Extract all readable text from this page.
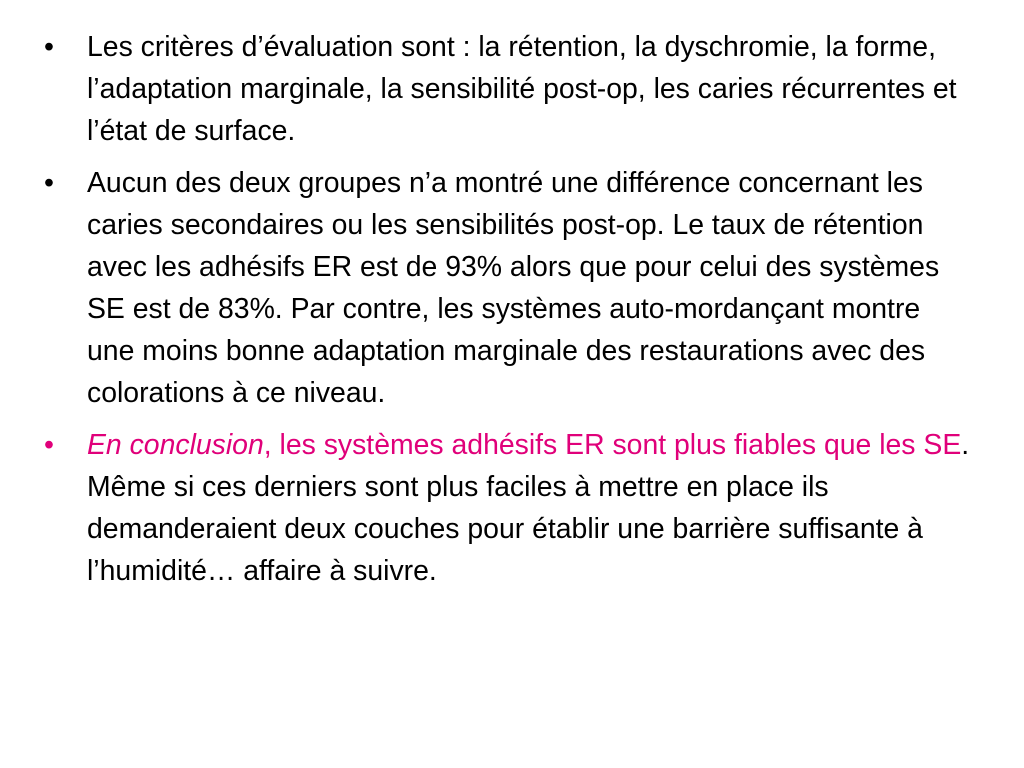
•	Les critères d’évaluation sont : la rétention, la dyschromie, la forme, l’adaptation marginale, la sensibilité post-op, les caries récurrentes et l’état de surface.
•	Aucun des deux groupes n’a montré une différence concernant les caries secondaires ou les sensibilités post-op. Le taux de rétention avec les adhésifs ER est de 93% alors que pour celui des systèmes SE est de 83%. Par contre, les systèmes auto-mordançant montre une moins bonne adaptation marginale des restaurations avec des colorations à ce niveau.
•	En conclusion, les systèmes adhésifs ER sont plus fiables que les SE. Même si ces derniers sont plus faciles à mettre en place ils demanderaient deux couches pour établir une barrière suffisante à l’humidité… affaire à suivre.
